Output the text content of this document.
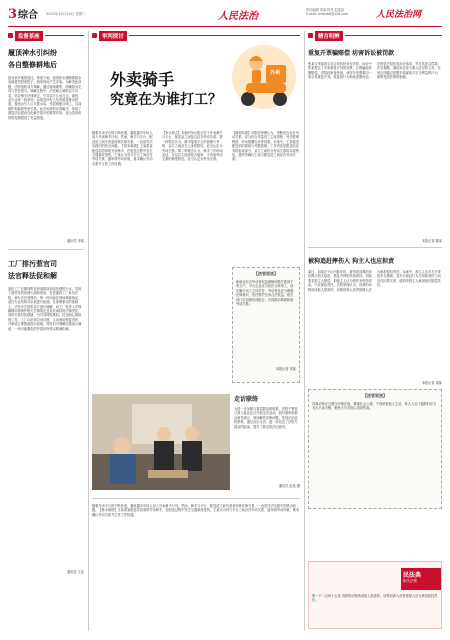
3 综合 2023年10月24日 星期二	人民法治
责任编辑 刘某 校对 赵某某
E-mail: rmfzzbb@126.com	人民法治网
监督茶座
履顶神水引纠纷
各自整修耕地后
因为家乡地势低洼，每逢下雨，屋顶积水便顺着排水沟流进邻居家院子，两家因此产生矛盾。为解决此问题，法院组织双方调解，通过现场勘察，明确排水走向与责任划分。调解过程中，法官耐心倾听双方诉求，结合相关法律规定，引导双方互谅互让。最终，双方达成一致意见：由屋顶所有人负责改造排水管道，将雨水引入公共排水沟，邻居则配合施工，共同维护和谐的邻里关系。此次纠纷的妥善解决，体现了基层法治建设在化解矛盾中的重要作用，也为类似纠纷的处理提供了有益借鉴。
通讯员 李某
工厂排污惹官司
法官释法促和解
某化工厂长期向附近河道排放未经处理的污水，导致下游村民的鱼塘大面积死鱼，村民遂将工厂诉至法院。承办法官受理后，第一时间前往现场调查取证，委托专业机构对水质进行检测。在查明事实的基础上，法官多次组织双方进行调解，向工厂负责人详细解释环境保护相关法律规定及其应承担的法律责任，同时安抚村民情绪，引导其理性维权。经过耐心细致的工作，工厂认识到自身过错，主动承担赔偿责任，并承诺立即整改排污设施。村民们对调解结果表示满意，一场可能激化的矛盾纠纷得以圆满化解。
通讯员 王某
审判探讨
外卖骑手
究竟在为谁打工？
外卖
随着外卖平台的不断发展，越来越多年轻人加入外卖骑手行列。然而，骑手与平台、配送站之间究竟是何种法律关系，一直是司法实践中的热点问题。【基本案情】王某系某配送站招募的外卖骑手，在配送过程中发生交通事故受伤。王某认为其与平台之间存在劳动关系，遂申请劳动仲裁，要求确认劳动关系并主张工伤待遇。
【争议焦点】本案的争议焦点在于外卖骑手与平台、配送站之间是否存在劳动关系。第一种观点认为，骑手接受平台的管理与考核，双方之间存在人身依附性，应当认定为劳动关系；第二种观点认为，骑手工作时间灵活，可以自主选择是否接单，不具备劳动关系的典型特征，应当认定为劳务关系。
【裁判结果】法院经审理认为，判断是否存在劳动关系，应当综合考量用工主体资格、劳动管理程度、劳动报酬支付等因素。本案中，王某接受配送站的排班与考勤管理，工作内容是配送站业务的组成部分，双方之间符合劳动关系的本质特征，遂判决确认王某与配送站之间存在劳动关系。
【法官说法】
新就业形态劳动者权益保障问题关系到千家万户。平台企业应当依法合规用工，切实履行用工主体责任；劳动者也应当增强法律意识，依法维护自身合法权益。相关部门应加强协同配合，共同推动构建和谐劳动关系。
本报记者 刘某
走访联络
为进一步加强与基层群众的联系，法院干警近日深入辖区社区开展走访活动，面对面听取群众意见建议，现场解答法律问题，发放法治宣传资料。通过此次走访，进一步拉近了法院与群众的距离，提升了群众的法治意识。
通讯员 赵某 摄
随着外卖平台的不断发展，越来越多年轻人加入外卖骑手行列。然而，骑手与平台、配送站之间究竟是何种法律关系，一直是司法实践中的热点问题。【基本案情】王某系某配送站招募的外卖骑手，在配送过程中发生交通事故受伤。王某认为其与平台之间存在劳动关系，遂申请劳动仲裁，要求确认劳动关系并主张工伤待遇。
精言明辨
重复开票骗赔偿 坊害诉讼被罚款
张某与李某因买卖合同纠纷诉至法院，诉讼中张某提交了多张重复开具的发票，企图骗取高额赔偿。法院经审查发现，该部分发票系同一笔交易重复开具，张某的行为构成虚假诉讼。法院依法驳回其诉讼请求，并对其处以罚款。法官提醒，诚信诉讼是当事人应尽的义务，任何企图通过虚假手段谋取不正当利益的行为，都将受到法律的制裁。
本报记者 陈某
被狗追赶摔伤人 狗主人也应担责
某日，刘某在小区内散步时，被邻居饲养的未拴绳大型犬追赶，慌乱中摔倒导致骨折。刘某要求狗主人赔偿，但狗主人认为狗并未咬伤刘某，不应承担责任。法院审理认为，饲养的动物造成他人损害的，动物饲养人或者管理人应当承担侵权责任。本案中，狗主人未对犬只采取安全措施，其犬只追赶行为与刘某受伤之间存在因果关系，遂判决狗主人承担相应赔偿责任。
本报记者 周某
【法官说法】
饲养动物应当遵守法律法规，尊重社会公德，不得妨害他人生活。养犬人出门遛狗时应当为犬只束犬链，避免犬只对他人造成伤害。
民法典
相关法规
第一千二百四十五条 饲养的动物造成他人损害的，动物饲养人或者管理人应当承担侵权责任。
